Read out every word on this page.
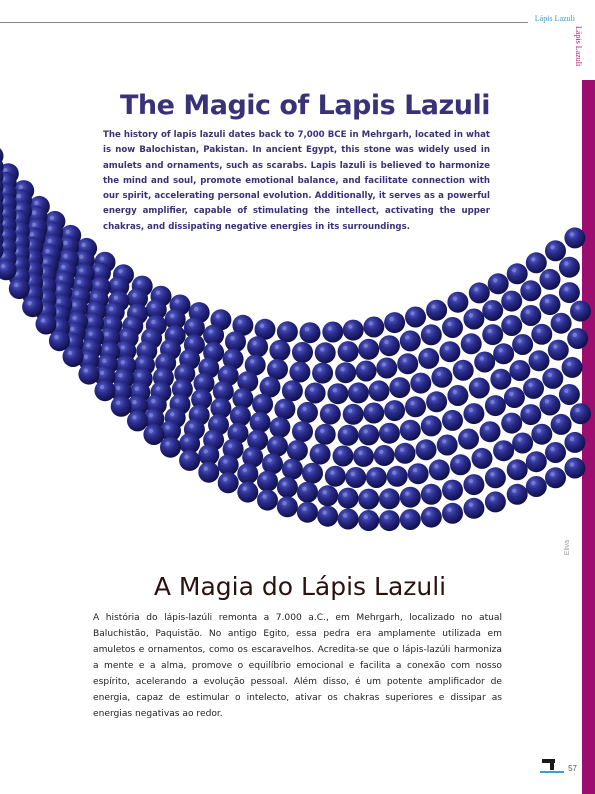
Lápis Lazuli
Lápis Lazuli
The Magic of Lapis Lazuli

The history of lapis lazuli dates back to 7,000 BCE in Mehrgarh, located in what is now Balochistan, Pakistan. In ancient Egypt, this stone was widely used in amulets and ornaments, such as scarabs. Lapis lazuli is believed to harmonize the mind and soul, promote emotional balance, and facilitate connection with our spirit, accelerating personal evolution. Additionally, it serves as a powerful energy amplifier, capable of stimulating the intellect, activating the upper chakras, and dissipating negative energies in its surroundings.

Eliva
A Magia do Lápis Lazuli

A história do lápis-lazúli remonta a 7.000 a.C., em Mehrgarh, localizado no atual Baluchistão, Paquistão. No antigo Egito, essa pedra era amplamente utilizada em amuletos e ornamentos, como os escaravelhos. Acredita-se que o lápis-lazúli harmoniza a mente e a alma, promove o equilíbrio emocional e facilita a conexão com nosso espírito, acelerando a evolução pessoal. Além disso, é um potente amplificador de energia, capaz de estimular o intelecto, ativar os chakras superiores e dissipar as energias negativas ao redor.

57
